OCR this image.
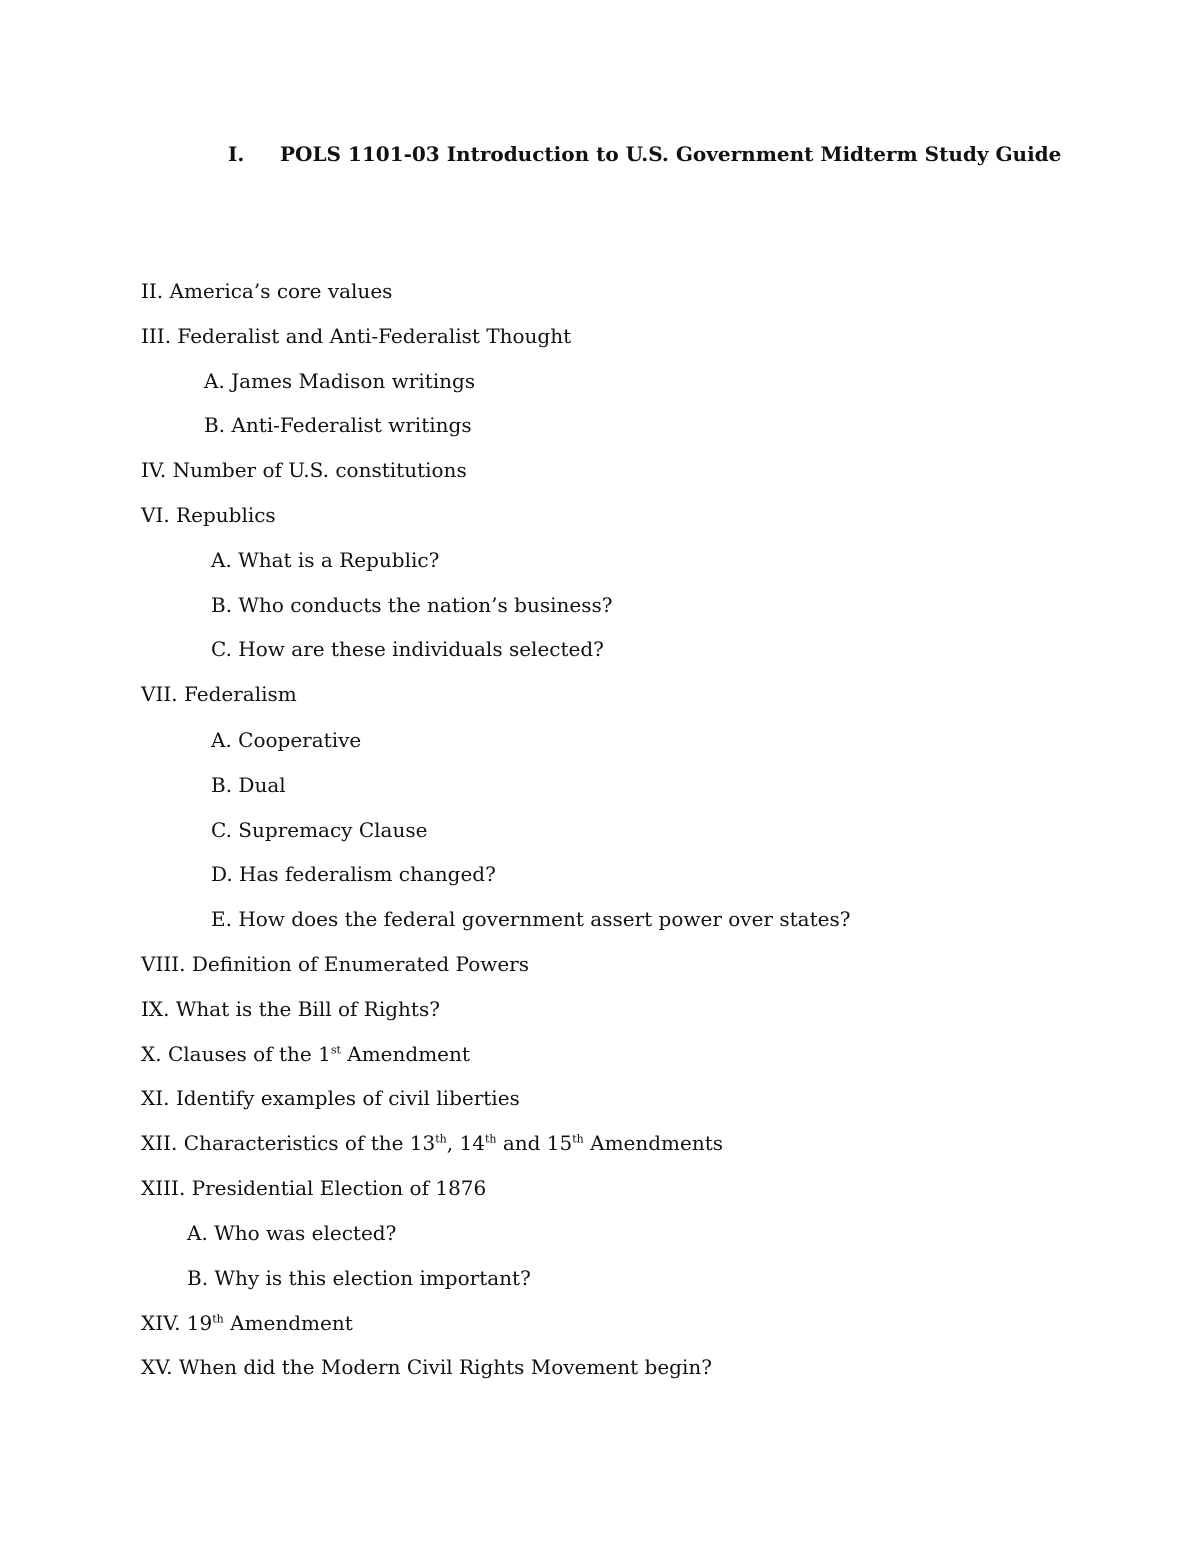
I. POLS 1101-03 Introduction to U.S. Government Midterm Study Guide
II. America’s core values
III. Federalist and Anti-Federalist Thought
A. James Madison writings
B. Anti-Federalist writings
IV. Number of U.S. constitutions
VI. Republics
A. What is a Republic?
B. Who conducts the nation’s business?
C. How are these individuals selected?
VII. Federalism
A. Cooperative
B. Dual
C. Supremacy Clause
D. Has federalism changed?
E. How does the federal government assert power over states?
VIII. Definition of Enumerated Powers
IX. What is the Bill of Rights?
X. Clauses of the 1st Amendment
XI. Identify examples of civil liberties
XII. Characteristics of the 13th, 14th and 15th Amendments
XIII. Presidential Election of 1876
A. Who was elected?
B. Why is this election important?
XIV. 19th Amendment
XV. When did the Modern Civil Rights Movement begin?
